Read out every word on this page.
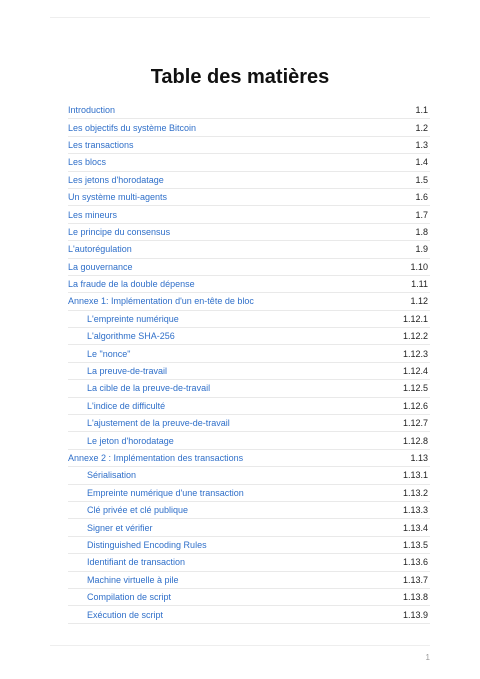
Table des matières
Introduction	1.1
Les objectifs du système Bitcoin	1.2
Les transactions	1.3
Les blocs	1.4
Les jetons d'horodatage	1.5
Un système multi-agents	1.6
Les mineurs	1.7
Le principe du consensus	1.8
L'autorégulation	1.9
La gouvernance	1.10
La fraude de la double dépense	1.11
Annexe 1: Implémentation d'un en-tête de bloc	1.12
L'empreinte numérique	1.12.1
L'algorithme SHA-256	1.12.2
Le "nonce"	1.12.3
La preuve-de-travail	1.12.4
La cible de la preuve-de-travail	1.12.5
L'indice de difficulté	1.12.6
L'ajustement de la preuve-de-travail	1.12.7
Le jeton d'horodatage	1.12.8
Annexe 2 : Implémentation des transactions	1.13
Sérialisation	1.13.1
Empreinte numérique d'une transaction	1.13.2
Clé privée et clé publique	1.13.3
Signer et vérifier	1.13.4
Distinguished Encoding Rules	1.13.5
Identifiant de transaction	1.13.6
Machine virtuelle à pile	1.13.7
Compilation de script	1.13.8
Exécution de script	1.13.9
1
